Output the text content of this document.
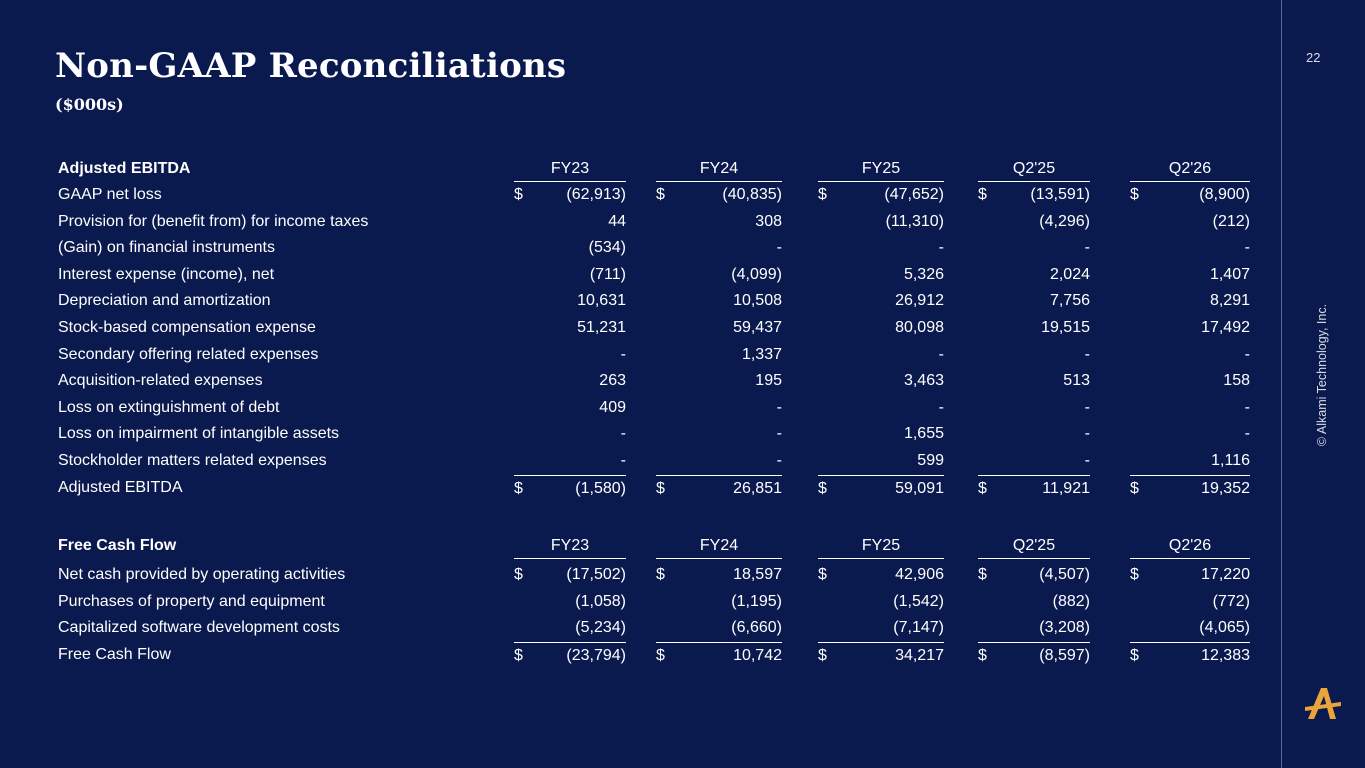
Non-GAAP Reconciliations
($000s)
22
© Alkami Technology, Inc.
Adjusted EBITDA	FY23	FY24	FY25	Q2'25	Q2'26
GAAP net loss	$	(62,913) $	(40,835) $	(47,652) $	(13,591)	$	(8,900)
Provision for (benefit from) for income taxes	44	308	(11,310)	(4,296)	(212)
(Gain) on financial instruments	(534)	-	-	-	-
Interest expense (income), net	(711)	(4,099)	5,326	2,024	1,407
Depreciation and amortization	10,631	10,508	26,912	7,756	8,291
Stock-based compensation expense	51,231	59,437	80,098	19,515	17,492
Secondary offering related expenses	-	1,337	-	-	-
Acquisition-related expenses	263	195	3,463	513	158
Loss on extinguishment of debt	409	-	-	-	-
Loss on impairment of intangible assets	-	-	1,655	-	-
Stockholder matters related expenses	-	-	599	-	1,116
Adjusted EBITDA	$	(1,580) $	26,851 $	59,091 $	11,921	$	19,352
Free Cash Flow	FY23	FY24	FY25	Q2'25	Q2'26
Net cash provided by operating activities	$	(17,502) $	18,597 $	42,906 $	(4,507)	$	17,220
Purchases of property and equipment	(1,058)	(1,195)	(1,542)	(882)	(772)
Capitalized software development costs	(5,234)	(6,660)	(7,147)	(3,208)	(4,065)
Free Cash Flow	$	(23,794) $	10,742 $	34,217 $	(8,597)	$	12,383
